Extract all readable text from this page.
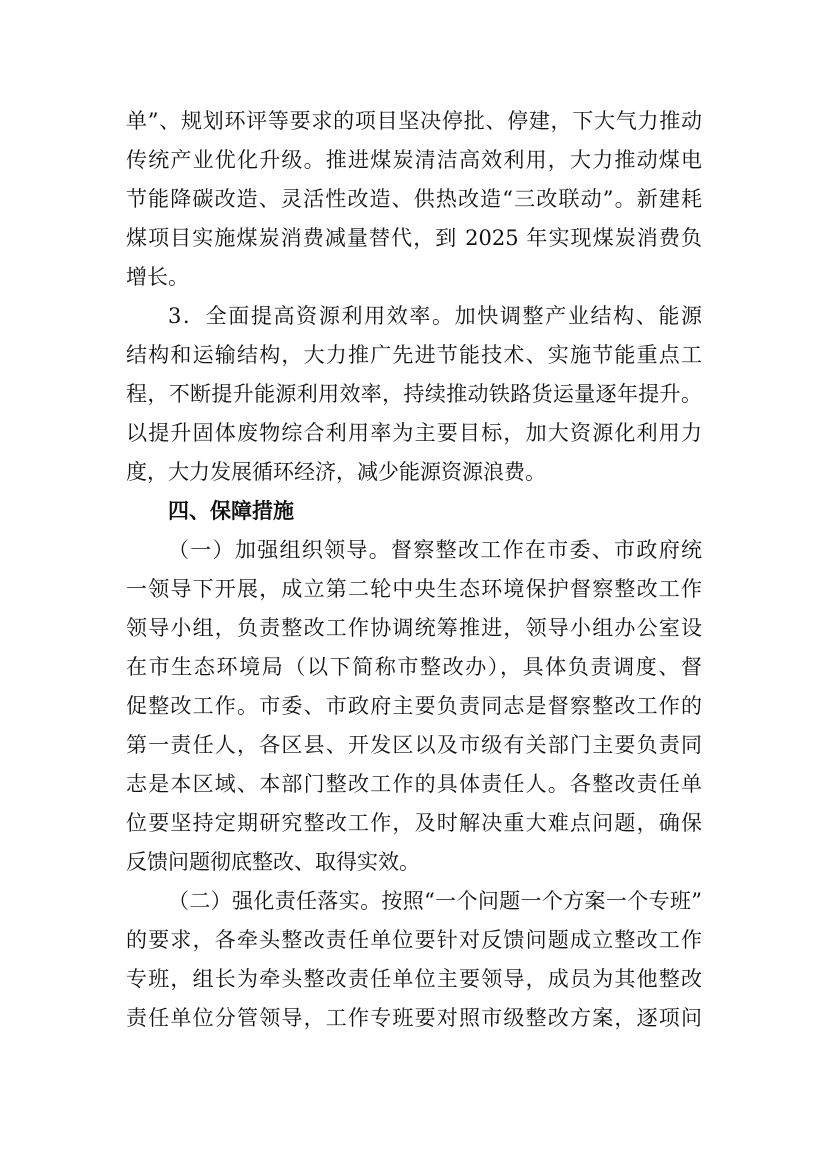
单”、规划环评等要求的项目坚决停批、停建，下大气力推动
传统产业优化升级。推进煤炭清洁高效利用，大力推动煤电
节能降碳改造、灵活性改造、供热改造“三改联动”。新建耗
煤项目实施煤炭消费减量替代，到 2025 年实现煤炭消费负
增长。
3．全面提高资源利用效率。加快调整产业结构、能源
结构和运输结构，大力推广先进节能技术、实施节能重点工
程，不断提升能源利用效率，持续推动铁路货运量逐年提升。
以提升固体废物综合利用率为主要目标，加大资源化利用力
度，大力发展循环经济，减少能源资源浪费。
四、保障措施
（一）加强组织领导。督察整改工作在市委、市政府统
一领导下开展，成立第二轮中央生态环境保护督察整改工作
领导小组，负责整改工作协调统筹推进，领导小组办公室设
在市生态环境局（以下简称市整改办），具体负责调度、督
促整改工作。市委、市政府主要负责同志是督察整改工作的
第一责任人，各区县、开发区以及市级有关部门主要负责同
志是本区域、本部门整改工作的具体责任人。各整改责任单
位要坚持定期研究整改工作，及时解决重大难点问题，确保
反馈问题彻底整改、取得实效。
（二）强化责任落实。按照“一个问题一个方案一个专班”
的要求，各牵头整改责任单位要针对反馈问题成立整改工作
专班，组长为牵头整改责任单位主要领导，成员为其他整改
责任单位分管领导，工作专班要对照市级整改方案，逐项问
